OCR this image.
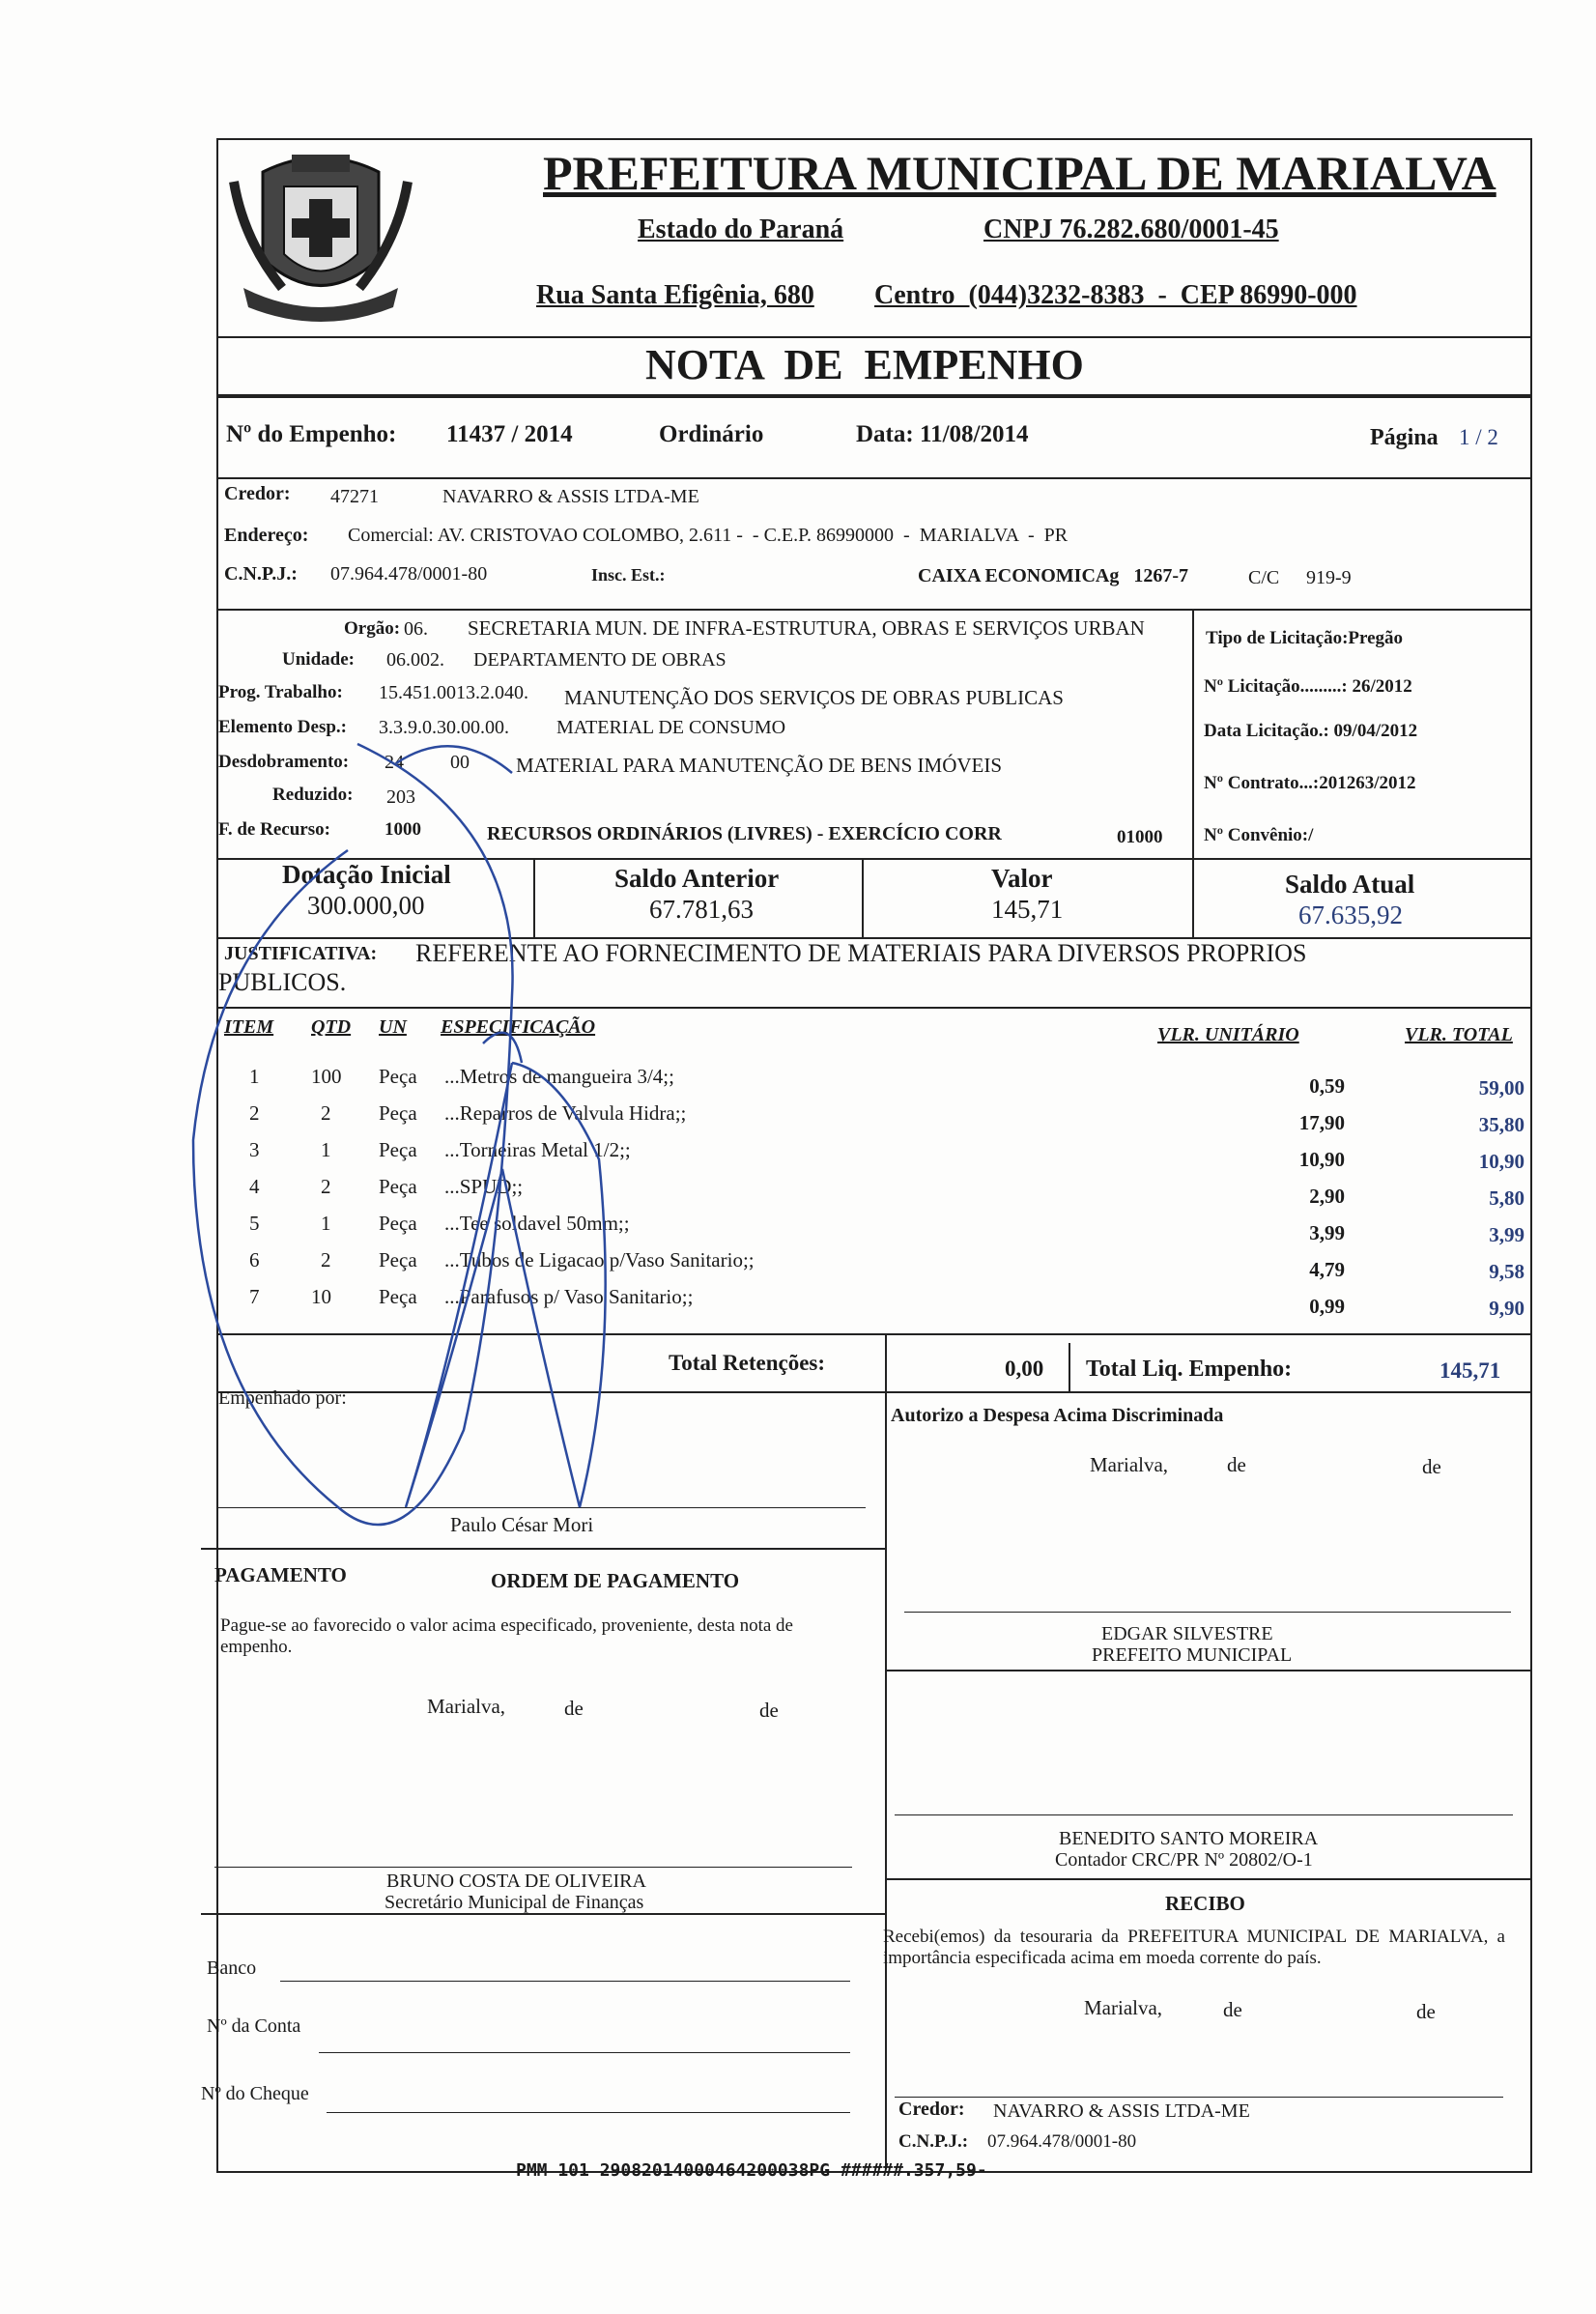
PREFEITURA MUNICIPAL DE MARIALVA
Estado do Paraná	CNPJ 76.282.680/0001-45
Rua Santa Efigênia, 680 Centro  (044)3232-8383  -  CEP 86990-000
NOTA  DE  EMPENHO
Nº do Empenho: 11437 / 2014	Ordinário	Data: 11/08/2014	Página 1 / 2
Credor: 47271	NAVARRO & ASSIS LTDA-ME
Endereço: Comercial: AV. CRISTOVAO COLOMBO, 2.611 -  - C.E.P. 86990000  -  MARIALVA  -  PR
C.N.P.J.: 07.964.478/0001-80	Insc. Est.:	CAIXA ECONOMICAg   1267-7	C/C 919-9
Orgão: 06. SECRETARIA MUN. DE INFRA-ESTRUTURA, OBRAS E SERVIÇOS URBAN
Unidade: 06.002. DEPARTAMENTO DE OBRAS
Prog. Trabalho: 15.451.0013.2.040. MANUTENÇÃO DOS SERVIÇOS DE OBRAS PUBLICAS
Elemento Desp.: 3.3.9.0.30.00.00. MATERIAL DE CONSUMO
Desdobramento: 24 00 MATERIAL PARA MANUTENÇÃO DE BENS IMÓVEIS
Reduzido: 203
F. de Recurso:	1000	RECURSOS ORDINÁRIOS (LIVRES) - EXERCÍCIO CORR	01000
Tipo de Licitação:Pregão
Nº Licitação.........: 26/2012
Data Licitação.: 09/04/2012
Nº Contrato...:201263/2012
Nº Convênio:/
Dotação Inicial
300.000,00
Saldo Anterior
67.781,63
Valor
145,71
Saldo Atual
67.635,92
JUSTIFICATIVA: REFERENTE AO FORNECIMENTO DE MATERIAIS PARA DIVERSOS PROPRIOS
PUBLICOS.
ITEM QTD UN ESPECIFICAÇÃO	VLR. UNITÁRIO	VLR. TOTAL
1	100 Peça ...Metros de mangueira 3/4;;	0,59	59,00
2	2 Peça ...Reparros de Valvula Hidra;;	17,90	35,80
3	1 Peça ...Torneiras Metal 1/2;;	10,90	10,90
4	2 Peça ...SPUD;;	2,90	5,80
5	1 Peça ...Tee soldavel 50mm;;	3,99	3,99
6	2 Peça ...Tubos de Ligacao p/Vaso Sanitario;;	4,79	9,58
7	10 Peça ...Parafusos p/ Vaso Sanitario;;	0,99	9,90
Total Retenções:	0,00 Total Liq. Empenho:	145,71
Empenhado por:
Paulo César Mori
Autorizo a Despesa Acima Discriminada
Marialva,	de	de
PAGAMENTO	ORDEM DE PAGAMENTO
Pague-se ao favorecido o valor acima especificado, proveniente, desta nota de empenho.
Marialva,	de	de
EDGAR SILVESTRE
PREFEITO MUNICIPAL
BRUNO COSTA DE OLIVEIRA
Secretário Municipal de Finanças
BENEDITO SANTO MOREIRA
Contador CRC/PR Nº 20802/O-1
RECIBO
Recebi(emos) da tesouraria da PREFEITURA MUNICIPAL DE MARIALVA, a importância especificada acima em moeda corrente do país.
Marialva,	de	de
Banco
Nº da Conta
Nº do Cheque
Credor: NAVARRO & ASSIS LTDA-ME
C.N.P.J.: 07.964.478/0001-80
PMM 101 29082014000464200038PG ######.357,59-
